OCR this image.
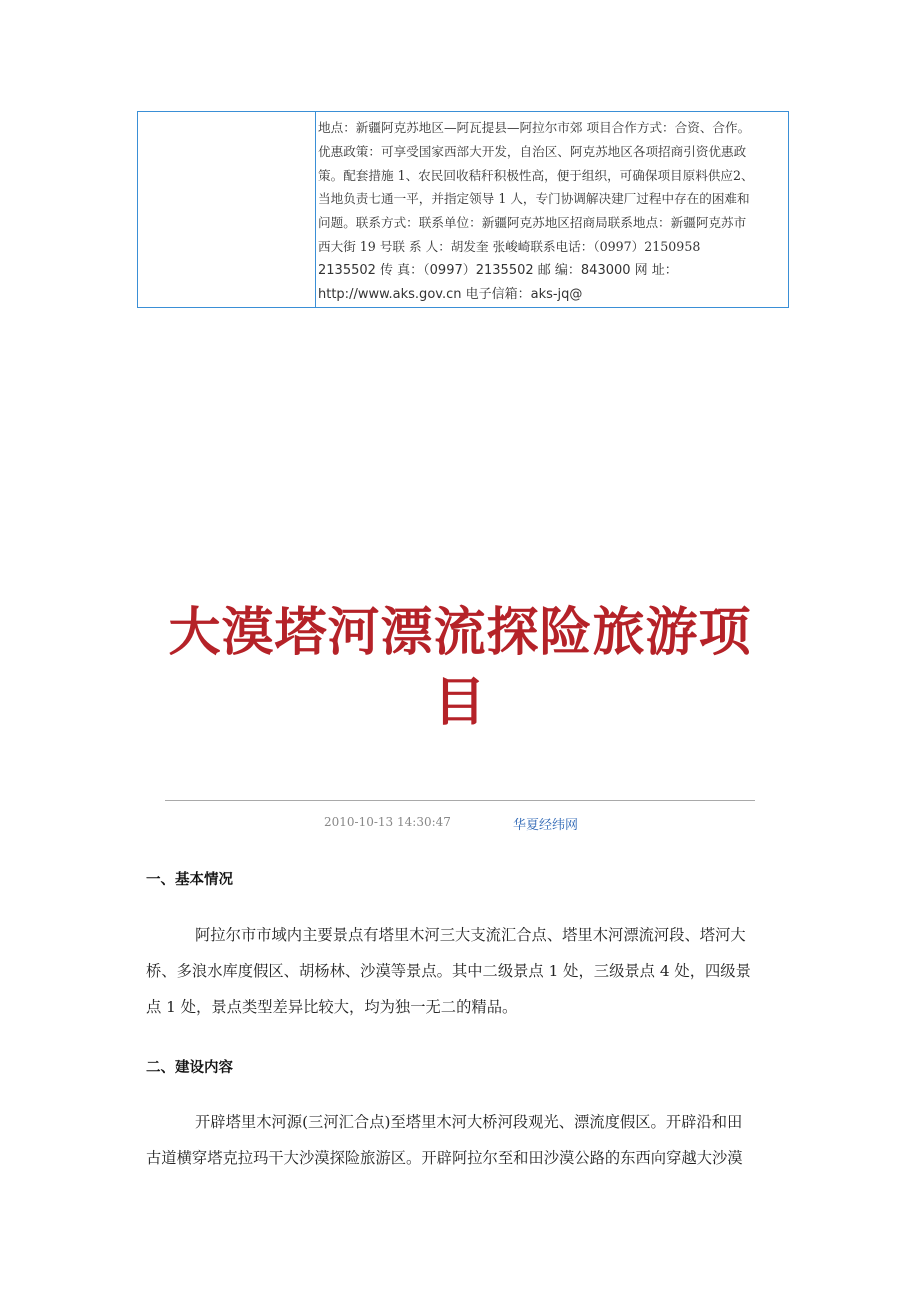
地点：新疆阿克苏地区—阿瓦提县—阿拉尔市郊 项目合作方式：合资、合作。
优惠政策：可享受国家西部大开发，自治区、阿克苏地区各项招商引资优惠政
策。配套措施 1、农民回收秸秆积极性高，便于组织，可确保项目原料供应2、
当地负责七通一平，并指定领导 1 人，专门协调解决建厂过程中存在的困难和
问题。联系方式：联系单位：新疆阿克苏地区招商局联系地点：新疆阿克苏市
西大街 19 号联 系 人：胡发奎 张峻崎联系电话：（0997）2150958
2135502 传 真：（0997）2135502 邮 编：843000 网 址：
http://www.aks.gov.cn 电子信箱：aks-jq@
大漠塔河漂流探险旅游项
目
2010-10-13 14:30:47	华夏经纬网
一、基本情况
阿拉尔市市域内主要景点有塔里木河三大支流汇合点、塔里木河漂流河段、塔河大
桥、多浪水库度假区、胡杨林、沙漠等景点。其中二级景点 1 处，三级景点 4 处，四级景
点 1 处，景点类型差异比较大，均为独一无二的精品。
二、建设内容
开辟塔里木河源(三河汇合点)至塔里木河大桥河段观光、漂流度假区。开辟沿和田
古道横穿塔克拉玛干大沙漠探险旅游区。开辟阿拉尔至和田沙漠公路的东西向穿越大沙漠
